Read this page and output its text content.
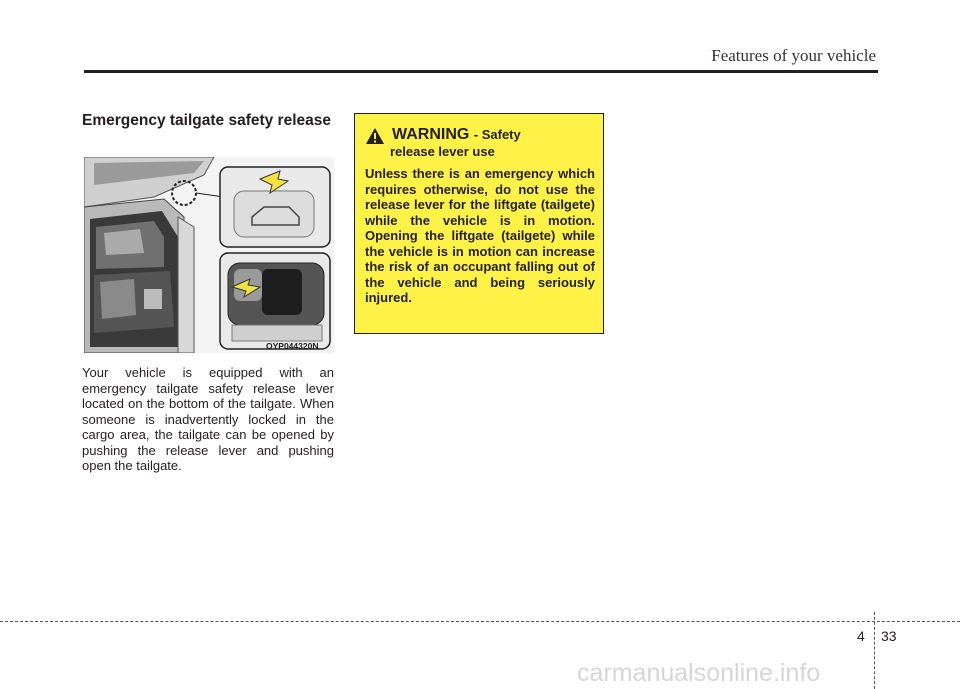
Features of your vehicle
Emergency tailgate safety release
OYP044320N
Your vehicle is equipped with an emergency tailgate safety release lever located on the bottom of the tailgate. When someone is inadvertently locked in the cargo area, the tailgate can be opened by pushing the release lever and pushing open the tailgate.
WARNING - Safety
release lever use
Unless there is an emergency which requires otherwise, do not use the release lever for the liftgate (tailgete) while the vehicle is in motion. Opening the liftgate (tailgete) while the vehicle is in motion can increase the risk of an occupant falling out of the vehicle and being seriously injured.
4 33
carmanualsonline.info
